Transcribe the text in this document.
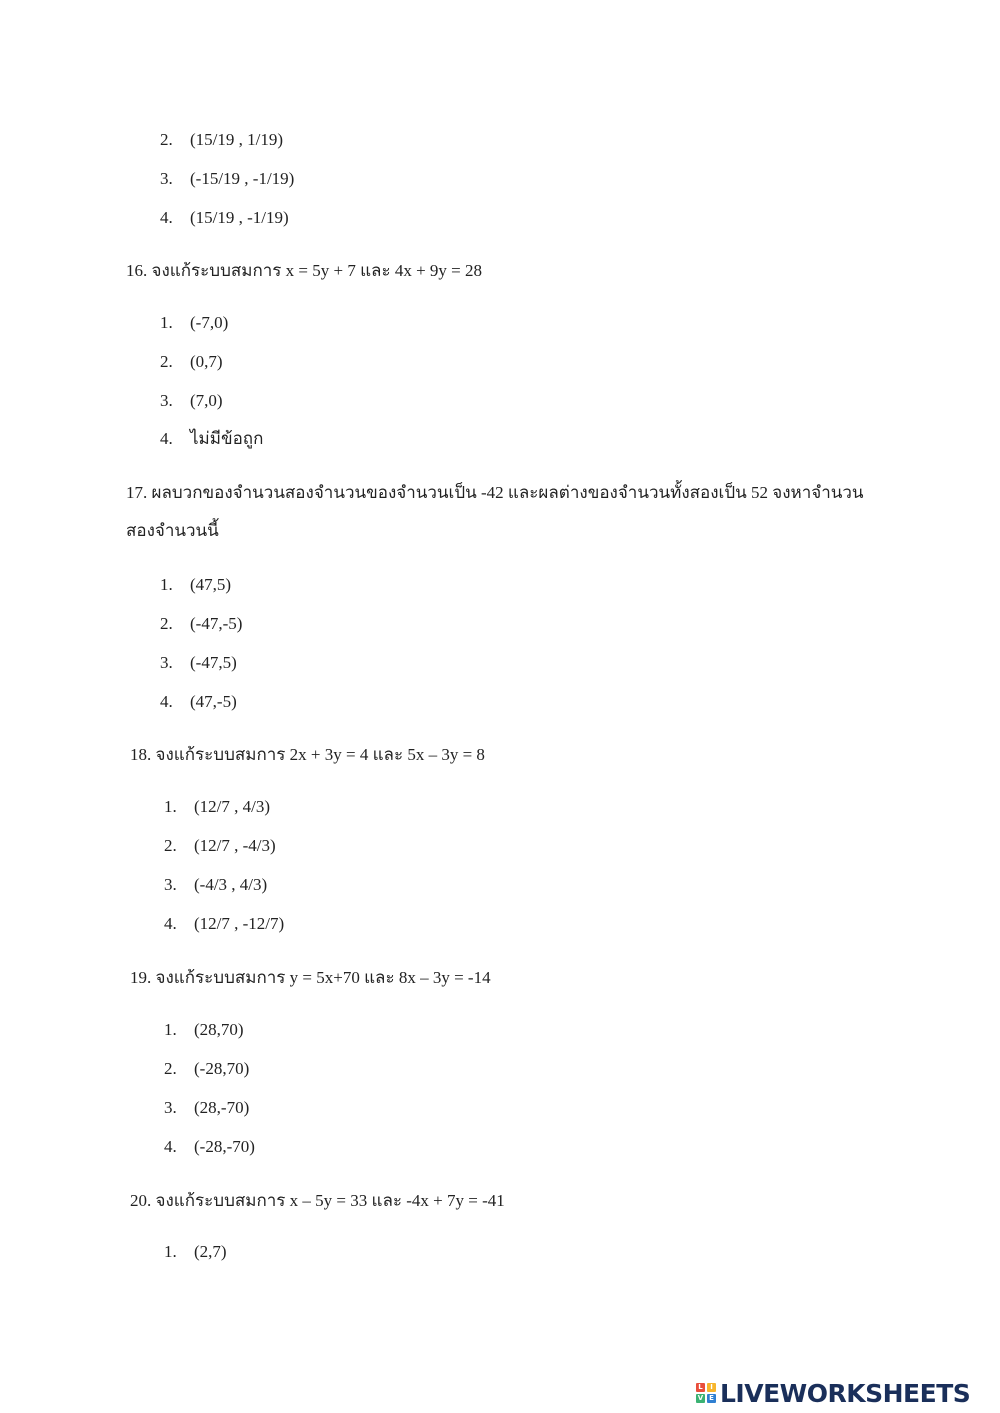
2. (15/19 , 1/19)
3. (-15/19 , -1/19)
4. (15/19 , -1/19)
16. จงแก้ระบบสมการ x = 5y + 7 และ 4x + 9y = 28
1. (-7,0)
2. (0,7)
3. (7,0)
4. ไม่มีข้อถูก
17. ผลบวกของจำนวนสองจำนวนของจำนวนเป็น -42 และผลต่างของจำนวนทั้งสองเป็น 52 จงหาจำนวน
สองจำนวนนี้
1. (47,5)
2. (-47,-5)
3. (-47,5)
4. (47,-5)
18. จงแก้ระบบสมการ 2x + 3y = 4 และ 5x – 3y = 8
1. (12/7 , 4/3)
2. (12/7 , -4/3)
3. (-4/3 , 4/3)
4. (12/7 , -12/7)
19. จงแก้ระบบสมการ y = 5x+70 และ 8x – 3y = -14
1. (28,70)
2. (-28,70)
3. (28,-70)
4. (-28,-70)
20. จงแก้ระบบสมการ x – 5y = 33 และ -4x + 7y = -41
1. (2,7)
L	I
V E LIVEWORKSHEETS
